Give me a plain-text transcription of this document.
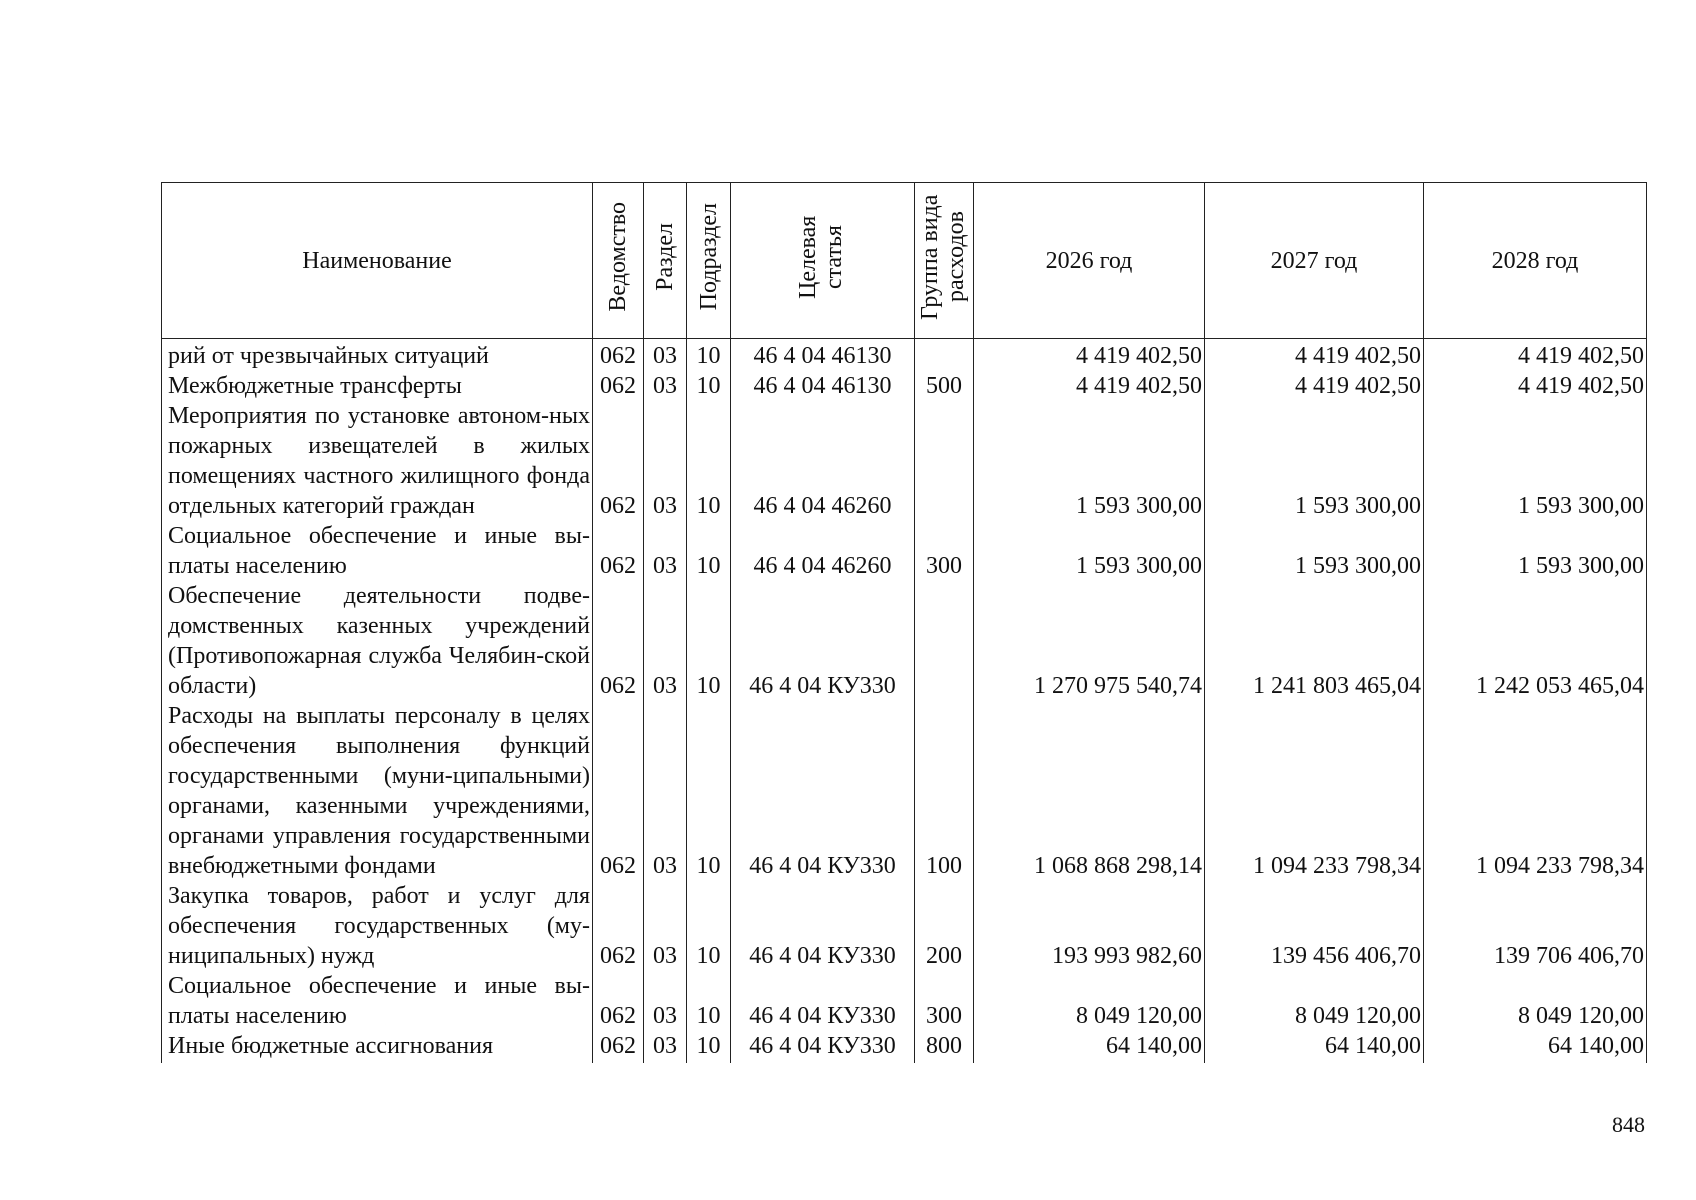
Наименование	Ведомство	Раздел	Подраздел	Целевая статья	Группа вида расходов	2026 год	2027 год	2028 год
рий от чрезвычайных ситуаций	062	03	10	46 4 04 46130		4 419 402,50	4 419 402,50	4 419 402,50
Межбюджетные трансферты	062	03	10	46 4 04 46130	500	4 419 402,50	4 419 402,50	4 419 402,50
Мероприятия по установке автоном-ных пожарных извещателей в жилых помещениях частного жилищного фонда отдельных категорий граждан	062	03	10	46 4 04 46260		1 593 300,00	1 593 300,00	1 593 300,00
Социальное обеспечение и иные вы-платы населению	062	03	10	46 4 04 46260	300	1 593 300,00	1 593 300,00	1 593 300,00
Обеспечение деятельности подве-домственных казенных учреждений (Противопожарная служба Челябин-ской области)	062	03	10	46 4 04 КУ330		1 270 975 540,74	1 241 803 465,04	1 242 053 465,04
Расходы на выплаты персоналу в целях обеспечения выполнения функций государственными (муни-ципальными) органами, казенными учреждениями, органами управления государственными внебюджетными фондами	062	03	10	46 4 04 КУ330	100	1 068 868 298,14	1 094 233 798,34	1 094 233 798,34
Закупка товаров, работ и услуг для обеспечения государственных (му-ниципальных) нужд	062	03	10	46 4 04 КУ330	200	193 993 982,60	139 456 406,70	139 706 406,70
Социальное обеспечение и иные вы-платы населению	062	03	10	46 4 04 КУ330	300	8 049 120,00	8 049 120,00	8 049 120,00
Иные бюджетные ассигнования	062	03	10	46 4 04 КУ330	800	64 140,00	64 140,00	64 140,00
848
